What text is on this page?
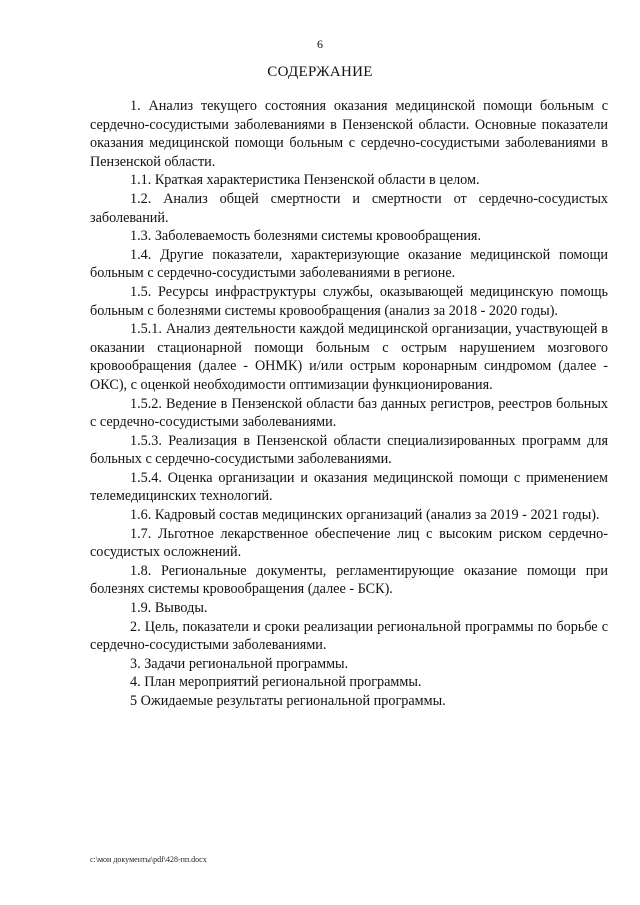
6
СОДЕРЖАНИЕ

1. Анализ текущего состояния оказания медицинской помощи больным с сердечно-сосудистыми заболеваниями в Пензенской области. Основные показатели оказания медицинской помощи больным с сердечно-сосудистыми заболеваниями в Пензенской области.

1.1. Краткая характеристика Пензенской области в целом.

1.2. Анализ общей смертности и смертности от сердечно-сосудистых заболеваний.

1.3. Заболеваемость болезнями системы кровообращения.

1.4. Другие показатели, характеризующие оказание медицинской помощи больным с сердечно-сосудистыми заболеваниями в регионе.

1.5. Ресурсы инфраструктуры службы, оказывающей медицинскую помощь больным с болезнями системы кровообращения (анализ за 2018 - 2020 годы).

1.5.1. Анализ деятельности каждой медицинской организации, участвующей в оказании стационарной помощи больным с острым нарушением мозгового кровообращения (далее - ОНМК) и/или острым коронарным синдромом (далее - ОКС), с оценкой необходимости оптимизации функционирования.

1.5.2. Ведение в Пензенской области баз данных регистров, реестров больных с сердечно-сосудистыми заболеваниями.

1.5.3. Реализация в Пензенской области специализированных программ для больных с сердечно-сосудистыми заболеваниями.

1.5.4. Оценка организации и оказания медицинской помощи с применением телемедицинских технологий.

1.6. Кадровый состав медицинских организаций (анализ за 2019 - 2021 годы).

1.7. Льготное лекарственное обеспечение лиц с высоким риском сердечно-сосудистых осложнений.

1.8. Региональные документы, регламентирующие оказание помощи при болезнях системы кровообращения (далее - БСК).

1.9. Выводы.

2. Цель, показатели и сроки реализации региональной программы по борьбе с сердечно-сосудистыми заболеваниями.

3. Задачи региональной программы.

4. План мероприятий региональной программы.

5 Ожидаемые результаты региональной программы.

c:\мои документы\pdf\428-пп.docx
